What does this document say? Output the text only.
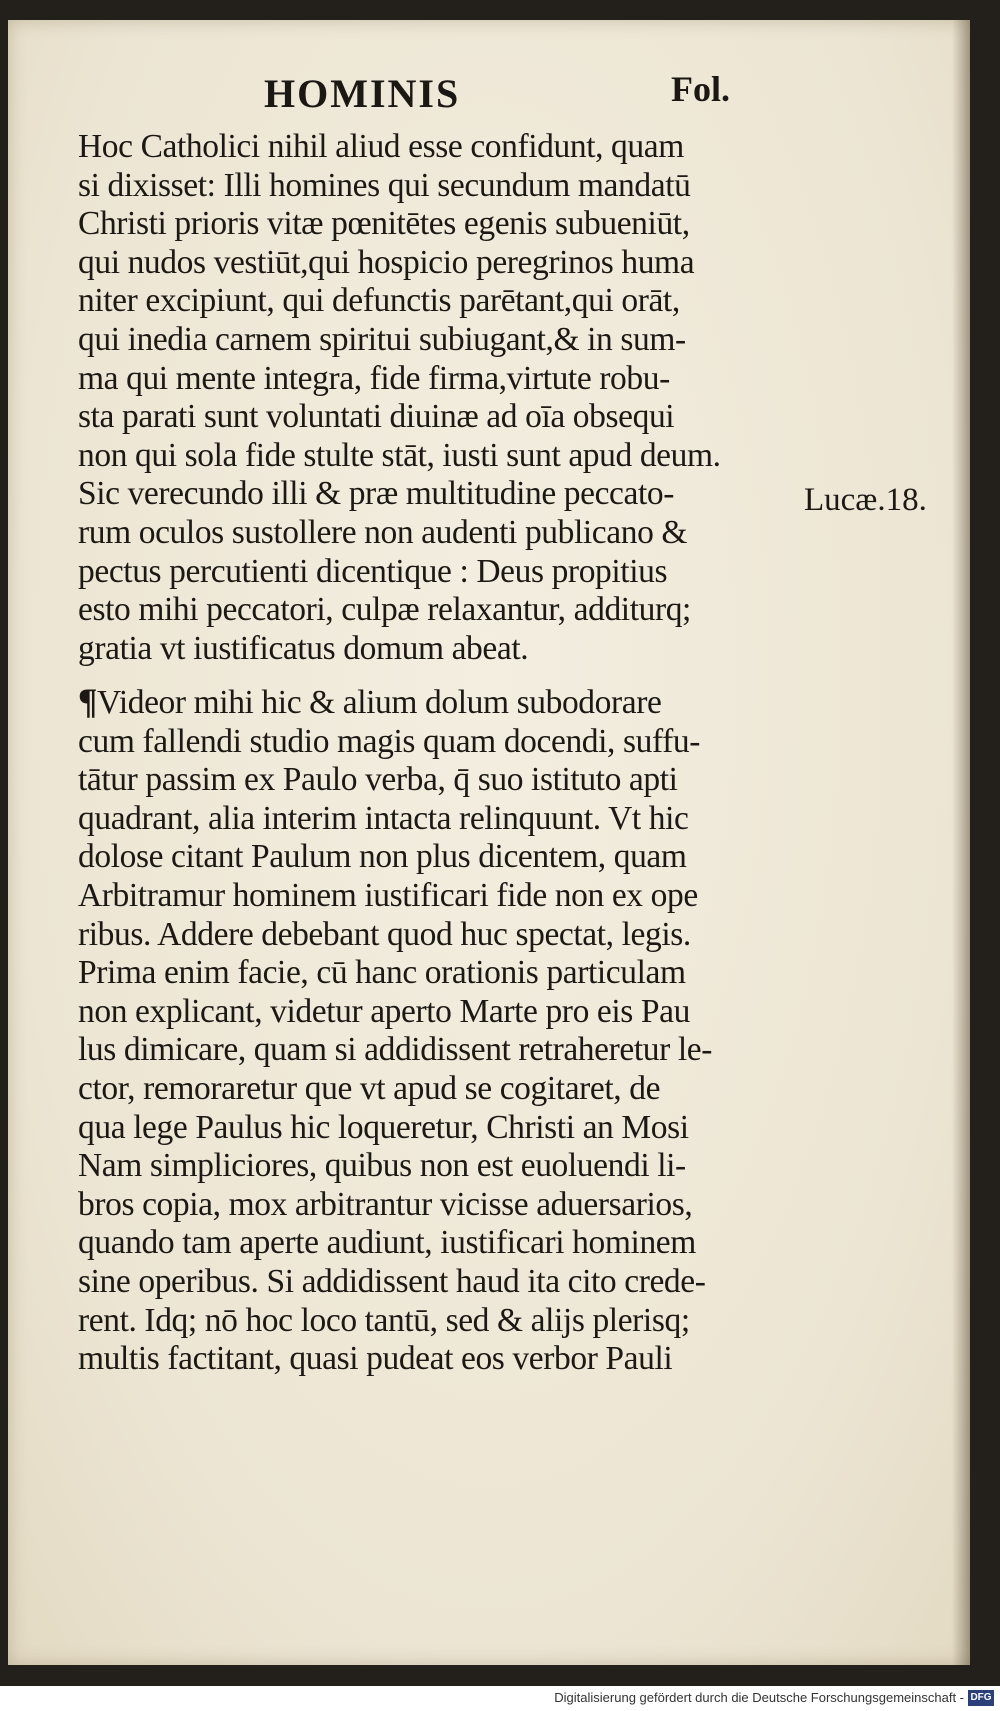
HOMINIS	Fol.
Hoc Catholici nihil aliud esse confidunt, quam
si dixisset: Illi homines qui secundum mandatū
Christi prioris vitæ pœnitētes egenis subueniūt,
qui nudos vestiūt,qui hospicio peregrinos huma
niter excipiunt, qui defunctis parētant,qui orāt,
qui inedia carnem spiritui subiugant,& in sum-
ma qui mente integra, fide firma,virtute robu-
sta parati sunt voluntati diuinæ ad oīa obsequi
non qui sola fide stulte stāt, iusti sunt apud deum.
Sic verecundo illi & præ multitudine peccato-
rum oculos sustollere non audenti publicano &
pectus percutienti dicentique : Deus propitius
esto mihi peccatori, culpæ relaxantur, additurq;
gratia vt iustificatus domum abeat.
Lucæ.18.
¶Videor mihi hic & alium dolum subodorare
cum fallendi studio magis quam docendi, suffu-
tātur passim ex Paulo verba, q̄ suo istituto apti
quadrant, alia interim intacta relinquunt. Vt hic
dolose citant Paulum non plus dicentem, quam
Arbitramur hominem iustificari fide non ex ope
ribus. Addere debebant quod huc spectat, legis.
Prima enim facie, cū hanc orationis particulam
non explicant, videtur aperto Marte pro eis Pau
lus dimicare, quam si addidissent retraheretur le-
ctor, remoraretur que vt apud se cogitaret, de
qua lege Paulus hic loqueretur, Christi an Mosi
Nam simpliciores, quibus non est euoluendi li-
bros copia, mox arbitrantur vicisse aduersarios,
quando tam aperte audiunt, iustificari hominem
sine operibus. Si addidissent haud ita cito crede-
rent. Idq; nō hoc loco tantū, sed & alijs plerisq;
multis factitant, quasi pudeat eos verbor Pauli
Digitalisierung gefördert durch die Deutsche Forschungsgemeinschaft - DFG
